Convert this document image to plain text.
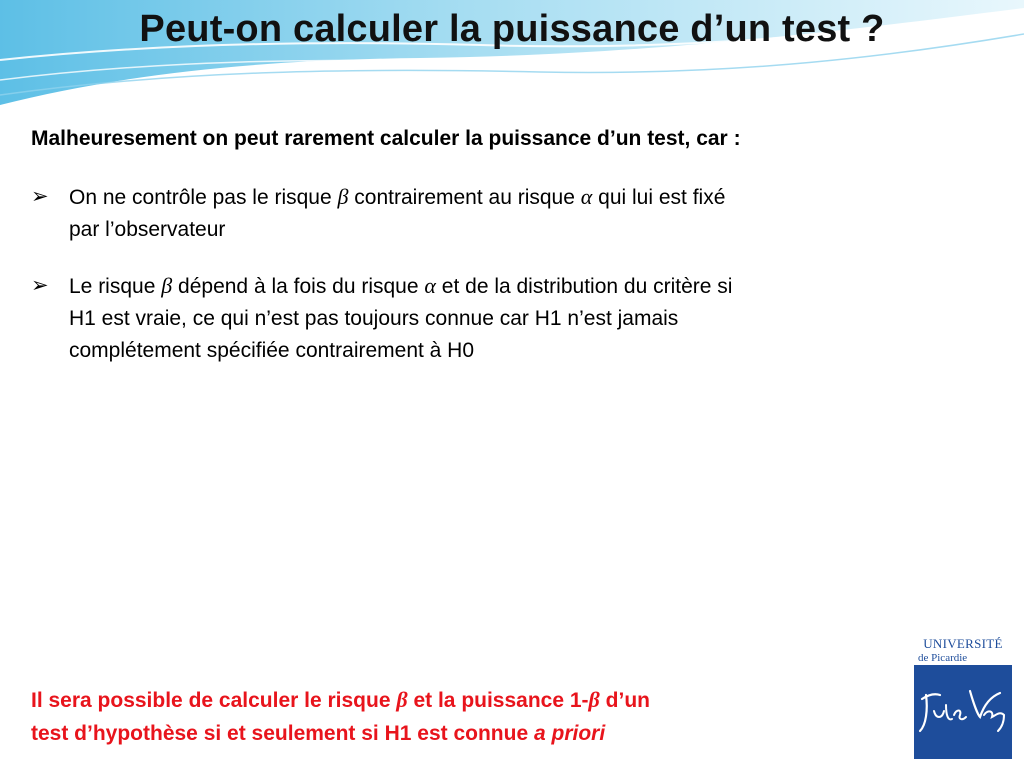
Peut-on calculer la puissance d’un test ?
Malheuresement on peut rarement calculer la puissance d’un test, car :
➢ On ne contrôle pas le risque β contrairement au risque α qui lui est fixé
par l’observateur
➢ Le risque β dépend à la fois du risque α et de la distribution du critère si
H1 est vraie, ce qui n’est pas toujours connue car H1 n’est jamais
complétement spécifiée contrairement à H0
Il sera possible de calculer le risque β et la puissance 1-β d’un
test d’hypothèse si et seulement si H1 est connue a priori
UNIVERSITÉ
de Picardie
